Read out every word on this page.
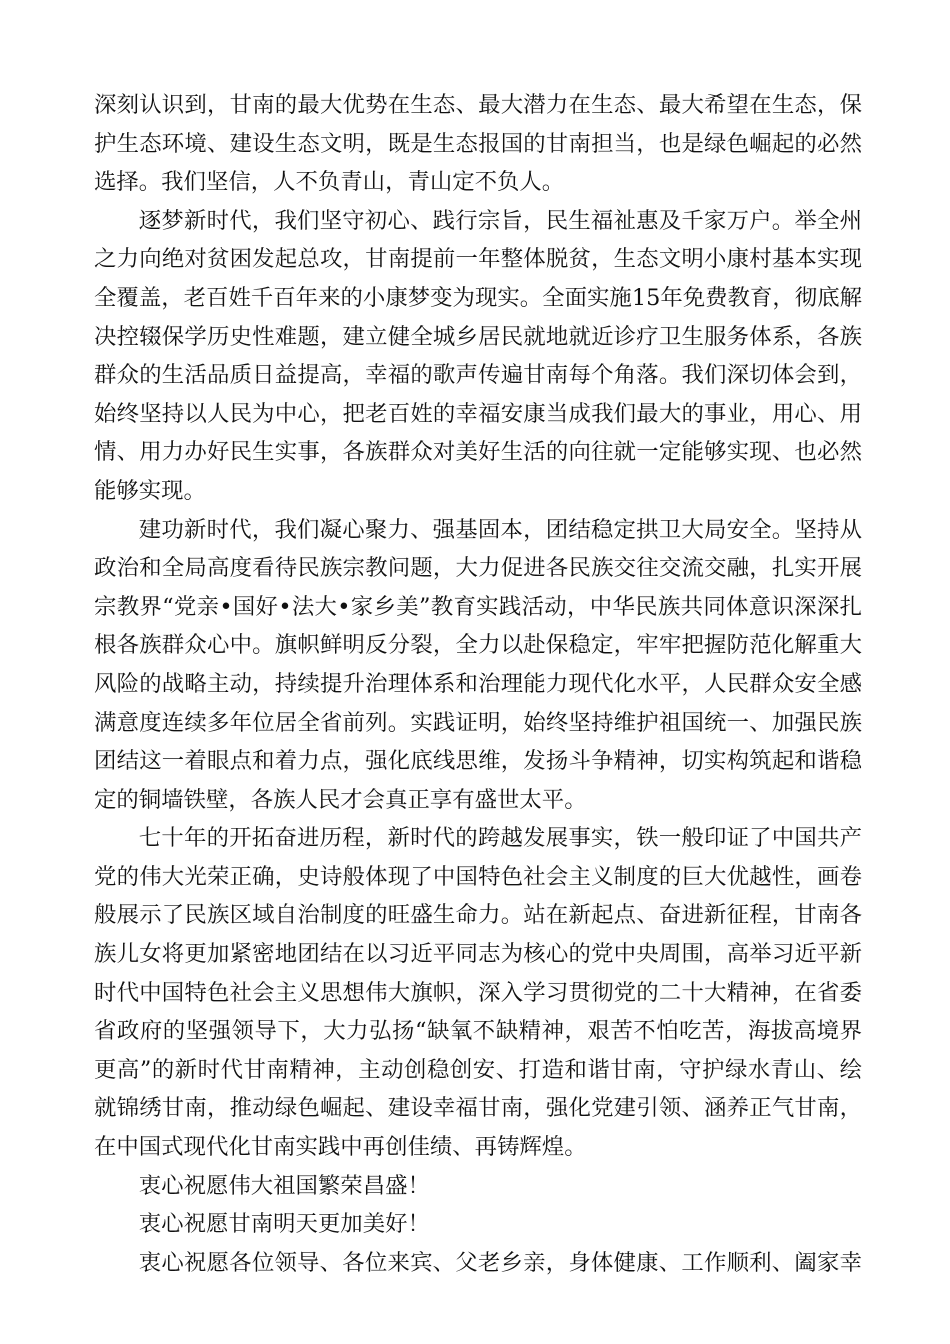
深刻认识到，甘南的最大优势在生态、最大潜力在生态、最大希望在生态，保
护生态环境、建设生态文明，既是生态报国的甘南担当，也是绿色崛起的必然
选择。我们坚信，人不负青山，青山定不负人。
逐梦新时代，我们坚守初心、践行宗旨，民生福祉惠及千家万户。举全州
之力向绝对贫困发起总攻，甘南提前一年整体脱贫，生态文明小康村基本实现
全覆盖，老百姓千百年来的小康梦变为现实。全面实施15年免费教育，彻底解
决控辍保学历史性难题，建立健全城乡居民就地就近诊疗卫生服务体系，各族
群众的生活品质日益提高，幸福的歌声传遍甘南每个角落。我们深切体会到，
始终坚持以人民为中心，把老百姓的幸福安康当成我们最大的事业，用心、用
情、用力办好民生实事，各族群众对美好生活的向往就一定能够实现、也必然
能够实现。
建功新时代，我们凝心聚力、强基固本，团结稳定拱卫大局安全。坚持从
政治和全局高度看待民族宗教问题，大力促进各民族交往交流交融，扎实开展
宗教界“党亲•国好•法大•家乡美”教育实践活动，中华民族共同体意识深深扎
根各族群众心中。旗帜鲜明反分裂，全力以赴保稳定，牢牢把握防范化解重大
风险的战略主动，持续提升治理体系和治理能力现代化水平，人民群众安全感
满意度连续多年位居全省前列。实践证明，始终坚持维护祖国统一、加强民族
团结这一着眼点和着力点，强化底线思维，发扬斗争精神，切实构筑起和谐稳
定的铜墙铁壁，各族人民才会真正享有盛世太平。
七十年的开拓奋进历程，新时代的跨越发展事实，铁一般印证了中国共产
党的伟大光荣正确，史诗般体现了中国特色社会主义制度的巨大优越性，画卷
般展示了民族区域自治制度的旺盛生命力。站在新起点、奋进新征程，甘南各
族儿女将更加紧密地团结在以习近平同志为核心的党中央周围，高举习近平新
时代中国特色社会主义思想伟大旗帜，深入学习贯彻党的二十大精神，在省委
省政府的坚强领导下，大力弘扬“缺氧不缺精神，艰苦不怕吃苦，海拔高境界
更高”的新时代甘南精神，主动创稳创安、打造和谐甘南，守护绿水青山、绘
就锦绣甘南，推动绿色崛起、建设幸福甘南，强化党建引领、涵养正气甘南，
在中国式现代化甘南实践中再创佳绩、再铸辉煌。
衷心祝愿伟大祖国繁荣昌盛！
衷心祝愿甘南明天更加美好！
衷心祝愿各位领导、各位来宾、父老乡亲，身体健康、工作顺利、阖家幸
